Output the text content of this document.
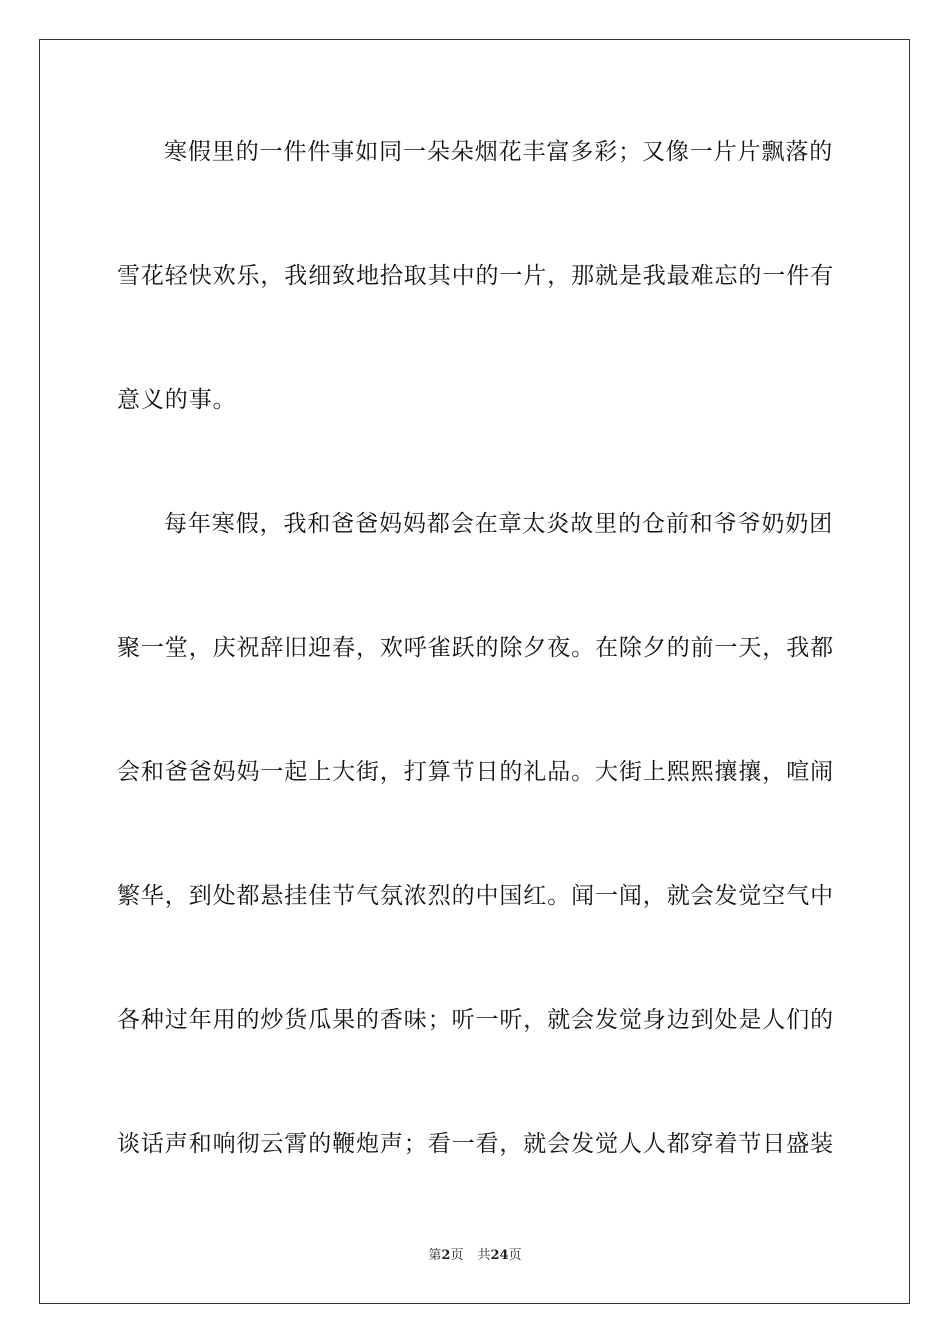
寒假里的一件件事如同一朵朵烟花丰富多彩；又像一片片飘落的
雪花轻快欢乐，我细致地拾取其中的一片，那就是我最难忘的一件有
意义的事。
每年寒假，我和爸爸妈妈都会在章太炎故里的仓前和爷爷奶奶团
聚一堂，庆祝辞旧迎春，欢呼雀跃的除夕夜。在除夕的前一天，我都
会和爸爸妈妈一起上大街，打算节日的礼品。大街上熙熙攘攘，喧闹
繁华，到处都悬挂佳节气氛浓烈的中国红。闻一闻，就会发觉空气中
各种过年用的炒货瓜果的香味；听一听，就会发觉身边到处是人们的
谈话声和响彻云霄的鞭炮声；看一看，就会发觉人人都穿着节日盛装
第2页 共24页
